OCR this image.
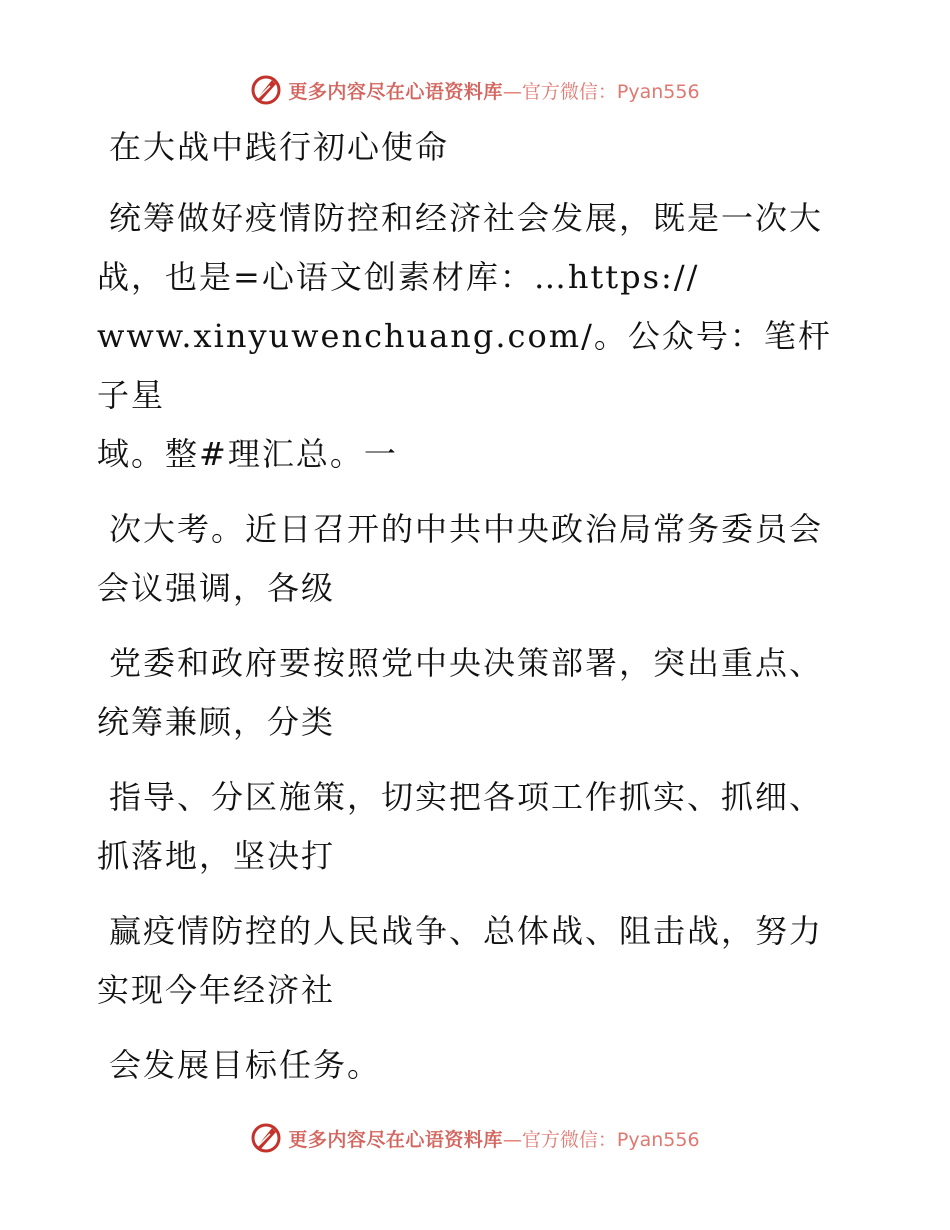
更多内容尽在心语资料库 —官方微信：Pyan556
在大战中践行初心使命
统筹做好疫情防控和经济社会发展，既是一次大
战，也是=心语文创素材库：…https://
www.xinyuwenchuang.com/。公众号：笔杆子星
域。整#理汇总。一
次大考。近日召开的中共中央政治局常务委员会
会议强调，各级
党委和政府要按照党中央决策部署，突出重点、
统筹兼顾，分类
指导、分区施策，切实把各项工作抓实、抓细、
抓落地，坚决打
赢疫情防控的人民战争、总体战、阻击战，努力
实现今年经济社
会发展目标任务。
更多内容尽在心语资料库 —官方微信：Pyan556
